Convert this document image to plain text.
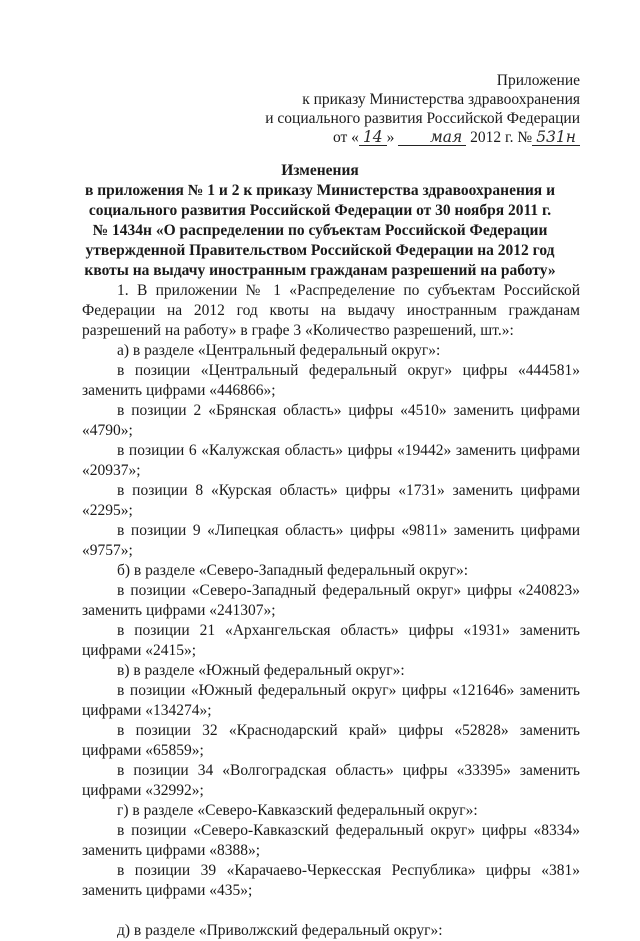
Приложение
к приказу Министерства здравоохранения
и социального развития Российской Федерации
от « 14 » мая 2012 г. № 531н
Изменения
в приложения № 1 и 2 к приказу Министерства здравоохранения и
социального развития Российской Федерации от 30 ноября 2011 г.
№ 1434н «О распределении по субъектам Российской Федерации
утвержденной Правительством Российской Федерации на 2012 год
квоты на выдачу иностранным гражданам разрешений на работу»

1. В приложении № 1 «Распределение по субъектам Российской Федерации на 2012 год квоты на выдачу иностранным гражданам разрешений на работу» в графе 3 «Количество разрешений, шт.»:

а) в разделе «Центральный федеральный округ»:

в позиции «Центральный федеральный округ» цифры «444581» заменить цифрами «446866»;

в позиции 2 «Брянская область» цифры «4510» заменить цифрами «4790»;

в позиции 6 «Калужская область» цифры «19442» заменить цифрами «20937»;

в позиции 8 «Курская область» цифры «1731» заменить цифрами «2295»;

в позиции 9 «Липецкая область» цифры «9811» заменить цифрами «9757»;

б) в разделе «Северо-Западный федеральный округ»:

в позиции «Северо-Западный федеральный округ» цифры «240823» заменить цифрами «241307»;

в позиции 21 «Архангельская область» цифры «1931» заменить цифрами «2415»;

в) в разделе «Южный федеральный округ»:

в позиции «Южный федеральный округ» цифры «121646» заменить цифрами «134274»;

в позиции 32 «Краснодарский край» цифры «52828» заменить цифрами «65859»;

в позиции 34 «Волгоградская область» цифры «33395» заменить цифрами «32992»;

г) в разделе «Северо-Кавказский федеральный округ»:

в позиции «Северо-Кавказский федеральный округ» цифры «8334» заменить цифрами «8388»;

в позиции 39 «Карачаево-Черкесская Республика» цифры «381» заменить цифрами «435»;

д) в разделе «Приволжский федеральный округ»:
